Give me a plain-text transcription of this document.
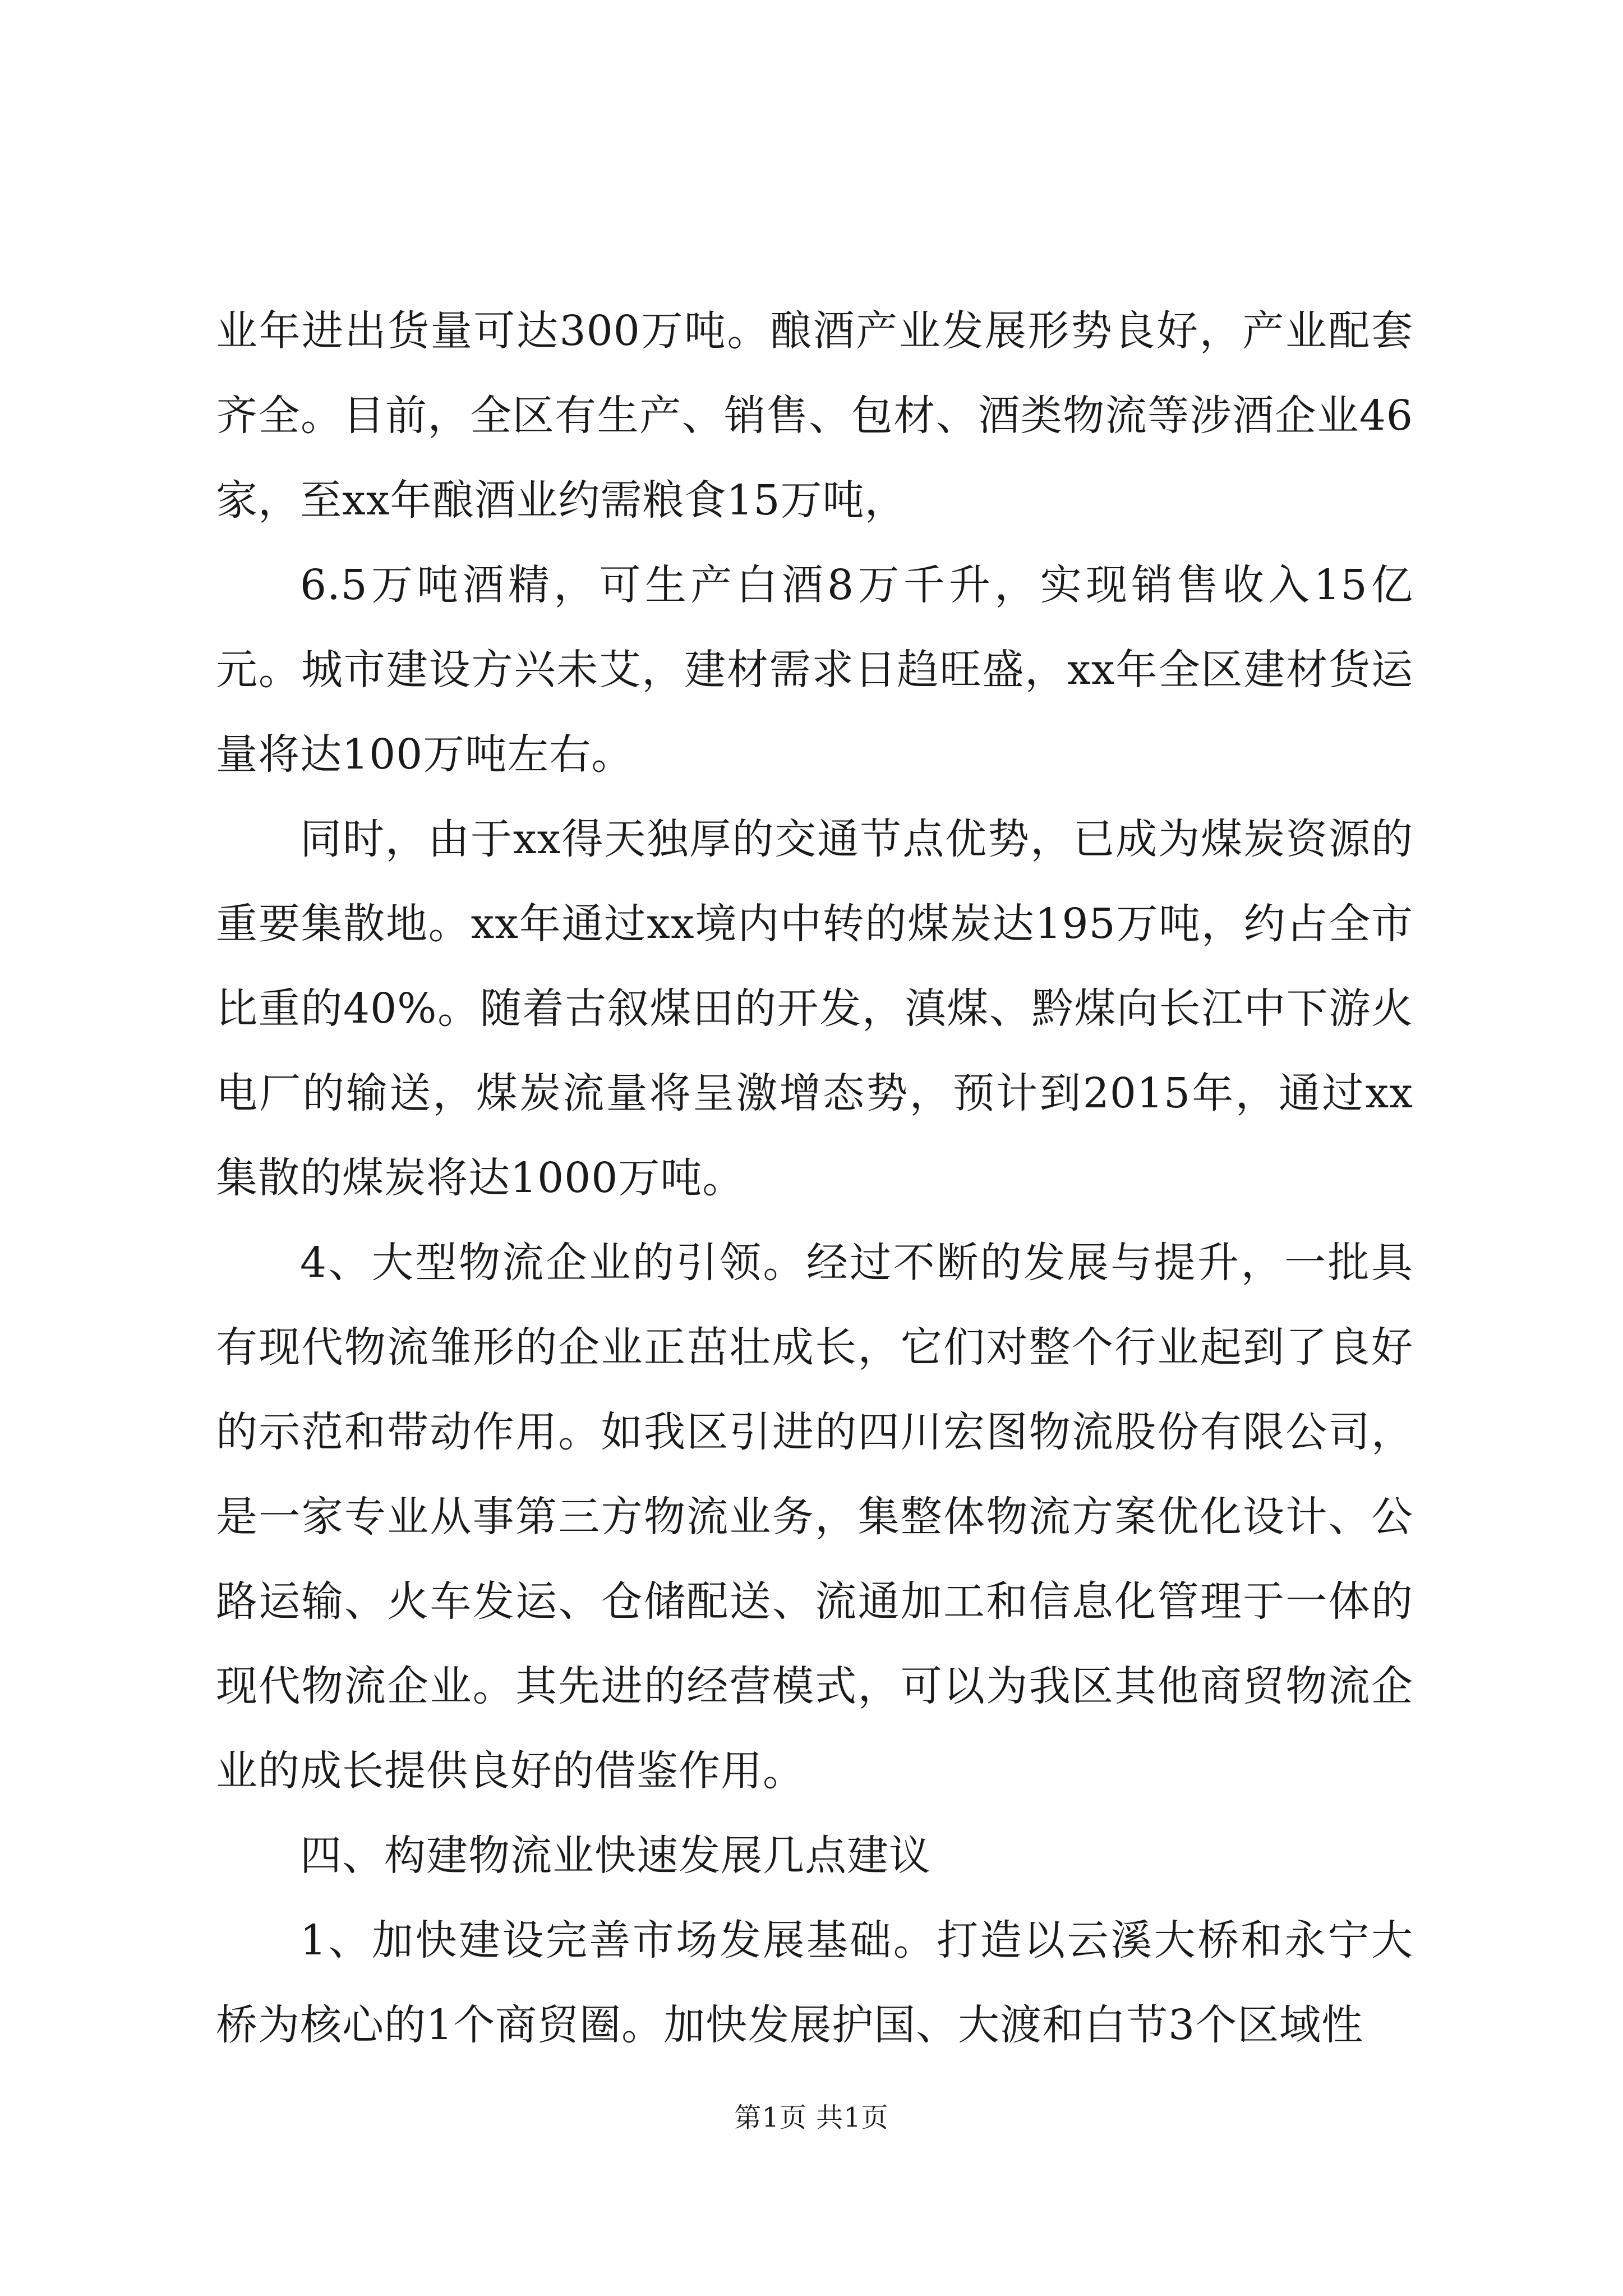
业年进出货量可达300万吨。酿酒产业发展形势良好，产业配套齐全。目前，全区有生产、销售、包材、酒类物流等涉酒企业46家，至xx年酿酒业约需粮食15万吨，

6.5万吨酒精，可生产白酒8万千升，实现销售收入15亿元。城市建设方兴未艾，建材需求日趋旺盛，xx年全区建材货运量将达100万吨左右。

同时，由于xx得天独厚的交通节点优势，已成为煤炭资源的重要集散地。xx年通过xx境内中转的煤炭达195万吨，约占全市比重的40%。随着古叙煤田的开发，滇煤、黔煤向长江中下游火电厂的输送，煤炭流量将呈激增态势，预计到2015年，通过xx集散的煤炭将达1000万吨。

4、大型物流企业的引领。经过不断的发展与提升，一批具有现代物流雏形的企业正茁壮成长，它们对整个行业起到了良好的示范和带动作用。如我区引进的四川宏图物流股份有限公司，是一家专业从事第三方物流业务，集整体物流方案优化设计、公路运输、火车发运、仓储配送、流通加工和信息化管理于一体的现代物流企业。其先进的经营模式，可以为我区其他商贸物流企业的成长提供良好的借鉴作用。

四、构建物流业快速发展几点建议

1、加快建设完善市场发展基础。打造以云溪大桥和永宁大桥为核心的1个商贸圈。加快发展护国、大渡和白节3个区域性

第1页 共1页
